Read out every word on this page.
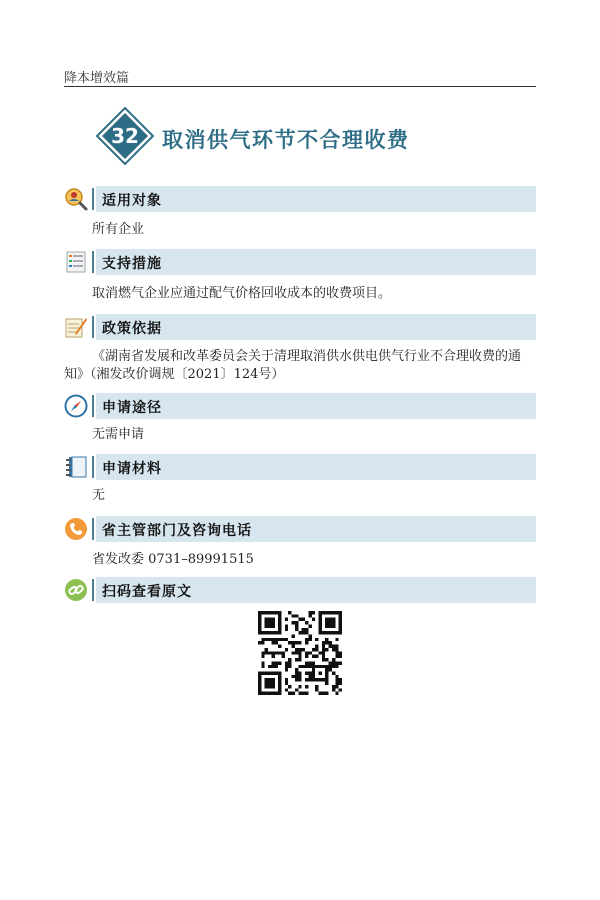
降本增效篇
32	取消供气环节不合理收费
适用对象
所有企业
支持措施
取消燃气企业应通过配气价格回收成本的收费项目。
政策依据
《湖南省发展和改革委员会关于清理取消供水供电供气行业不合理收费的通知》（湘发改价调规〔2021〕124号）
申请途径
无需申请
申请材料
无
省主管部门及咨询电话
省发改委 0731–89991515
扫码查看原文
